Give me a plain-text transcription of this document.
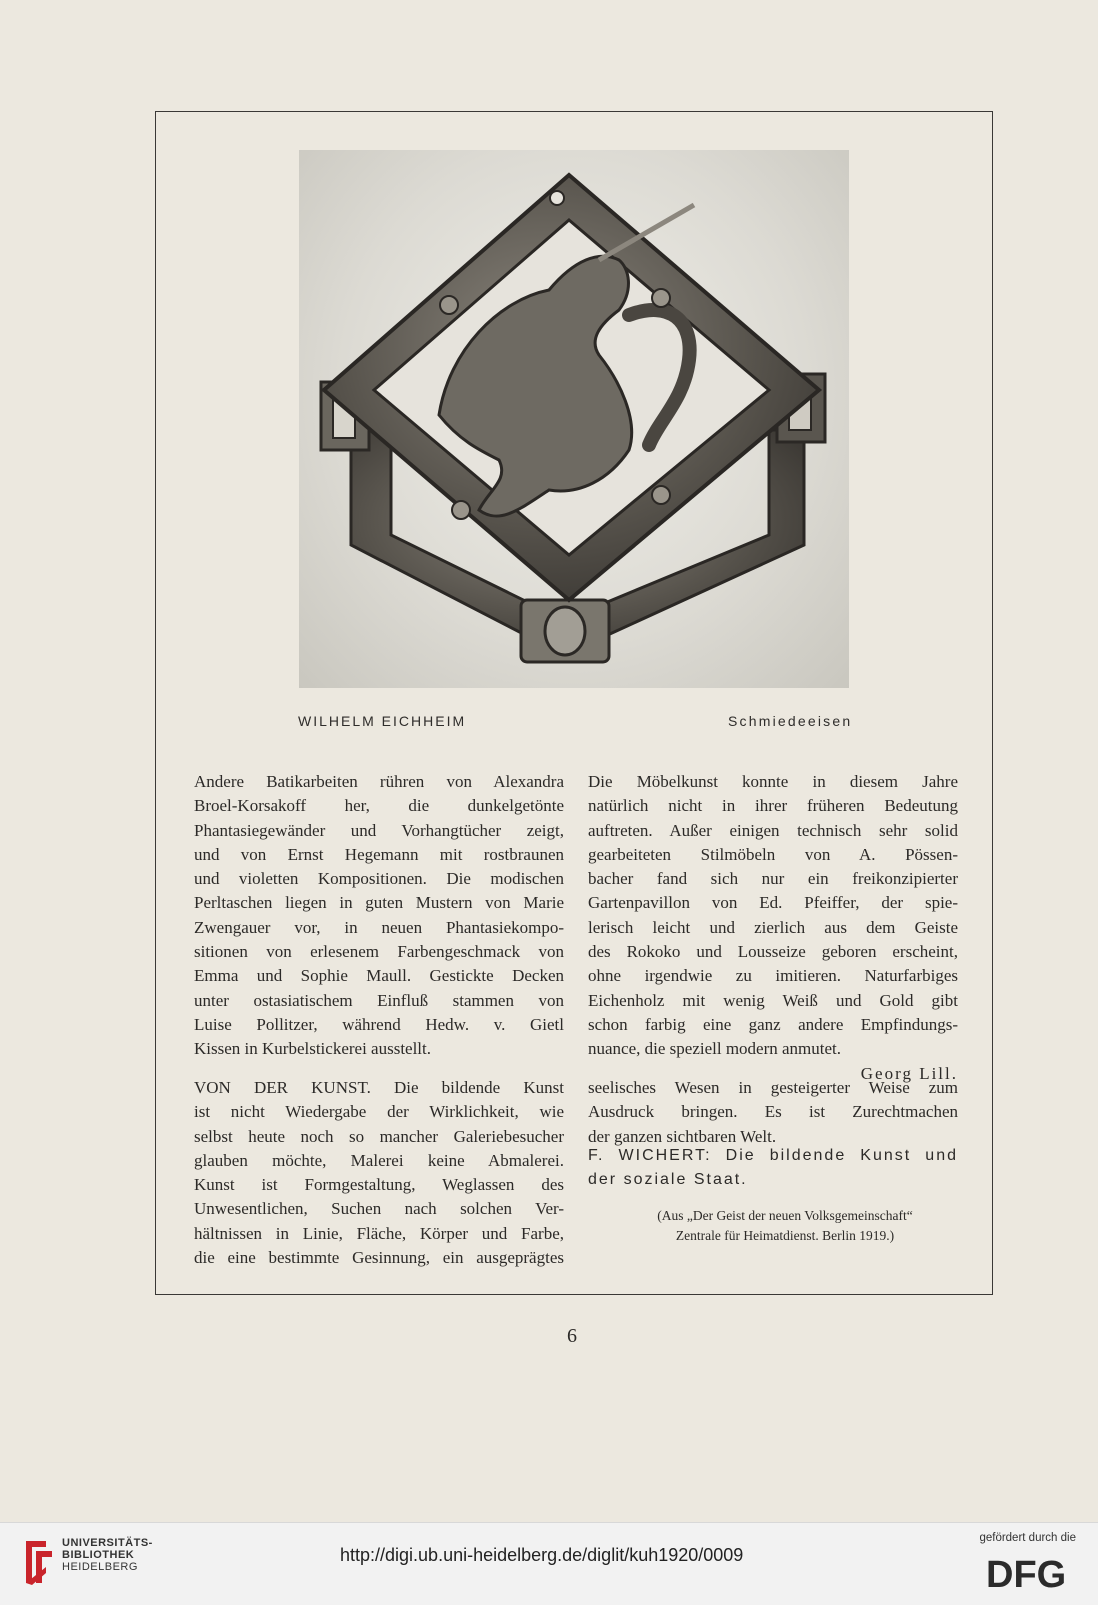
WILHELM EICHHEIM	Schmiedeeisen

Andere Batikarbeiten rühren von Alexandra

Broel-Korsakoff her, die dunkelgetönte

Phantasiegewänder und Vorhangtücher zeigt,

und von Ernst Hegemann mit rostbraunen

und violetten Kompositionen. Die modischen

Perltaschen liegen in guten Mustern von Marie

Zwengauer vor, in neuen Phantasiekompo-

sitionen von erlesenem Farbengeschmack von

Emma und Sophie Maull. Gestickte Decken

unter ostasiatischem Einfluß stammen von

Luise Pollitzer, während Hedw. v. Gietl

Kissen in Kurbelstickerei ausstellt.

VON DER KUNST. Die bildende Kunst

ist nicht Wiedergabe der Wirklichkeit, wie

selbst heute noch so mancher Galeriebesucher

glauben möchte, Malerei keine Abmalerei.

Kunst ist Formgestaltung, Weglassen des

Unwesentlichen, Suchen nach solchen Ver-

hältnissen in Linie, Fläche, Körper und Farbe,

die eine bestimmte Gesinnung, ein ausgeprägtes

Die Möbelkunst konnte in diesem Jahre

natürlich nicht in ihrer früheren Bedeutung

auftreten. Außer einigen technisch sehr solid

gearbeiteten Stilmöbeln von A. Pössen-

bacher fand sich nur ein freikonzipierter

Gartenpavillon von Ed. Pfeiffer, der spie-

lerisch leicht und zierlich aus dem Geiste

des Rokoko und Lousseize geboren erscheint,

ohne irgendwie zu imitieren. Naturfarbiges

Eichenholz mit wenig Weiß und Gold gibt

schon farbig eine ganz andere Empfindungs-

nuance, die speziell modern anmutet.

Georg Lill.

seelisches Wesen in gesteigerter Weise zum

Ausdruck bringen. Es ist Zurechtmachen

der ganzen sichtbaren Welt.

F. WICHERT: Die bildende Kunst und

der soziale Staat.

(Aus „Der Geist der neuen Volksgemeinschaft“
Zentrale für Heimatdienst. Berlin 1919.)
6
UNIVERSITÄTS-
BIBLIOTHEK
HEIDELBERG
http://digi.ub.uni-heidelberg.de/diglit/kuh1920/0009
gefördert durch die
DFG
